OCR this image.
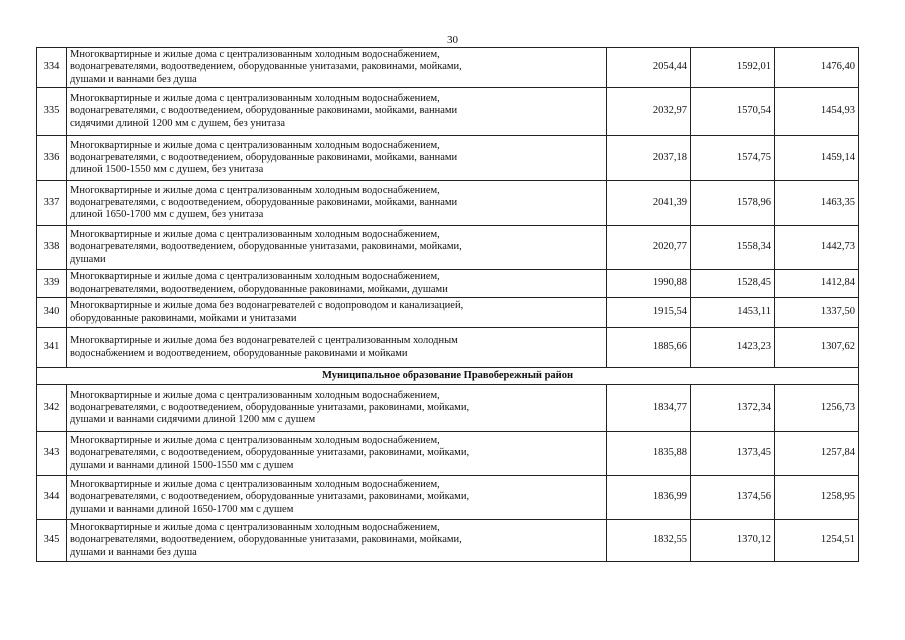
30
334	Многоквартирные и жилые дома с централизованным холодным водоснабжением,
водонагревателями, водоотведением, оборудованные унитазами, раковинами, мойками,
душами и ваннами без душа	2054,44	1592,01	1476,40
335	Многоквартирные и жилые дома с централизованным холодным водоснабжением,
водонагревателями, с водоотведением, оборудованные раковинами, мойками, ваннами
сидячими длиной 1200 мм с душем, без унитаза	2032,97	1570,54	1454,93
336	Многоквартирные и жилые дома с централизованным холодным водоснабжением,
водонагревателями, с водоотведением, оборудованные раковинами, мойками, ваннами
длиной 1500-1550 мм с душем, без унитаза	2037,18	1574,75	1459,14
337	Многоквартирные и жилые дома с централизованным холодным водоснабжением,
водонагревателями, с водоотведением, оборудованные раковинами, мойками, ваннами
длиной 1650-1700 мм с душем, без унитаза	2041,39	1578,96	1463,35
338	Многоквартирные и жилые дома с централизованным холодным водоснабжением,
водонагревателями, водоотведением, оборудованные унитазами, раковинами, мойками,
душами	2020,77	1558,34	1442,73
339	Многоквартирные и жилые дома с централизованным холодным водоснабжением,
водонагревателями, водоотведением, оборудованные раковинами, мойками, душами	1990,88	1528,45	1412,84
340	Многоквартирные и жилые дома без водонагревателей с водопроводом и канализацией,
оборудованные раковинами, мойками и унитазами	1915,54	1453,11	1337,50
341	Многоквартирные и жилые дома без водонагревателей с централизованным холодным
водоснабжением и водоотведением, оборудованные раковинами и мойками	1885,66	1423,23	1307,62
Муниципальное образование Правобережный район				
342	Многоквартирные и жилые дома с централизованным холодным водоснабжением,
водонагревателями, с водоотведением, оборудованные унитазами, раковинами, мойками,
душами и ваннами сидячими длиной 1200 мм с душем	1834,77	1372,34	1256,73
343	Многоквартирные и жилые дома с централизованным холодным водоснабжением,
водонагревателями, с водоотведением, оборудованные унитазами, раковинами, мойками,
душами и ваннами длиной 1500-1550 мм с душем	1835,88	1373,45	1257,84
344	Многоквартирные и жилые дома с централизованным холодным водоснабжением,
водонагревателями, с водоотведением, оборудованные унитазами, раковинами, мойками,
душами и ваннами длиной 1650-1700 мм с душем	1836,99	1374,56	1258,95
345	Многоквартирные и жилые дома с централизованным холодным водоснабжением,
водонагревателями, водоотведением, оборудованные унитазами, раковинами, мойками,
душами и ваннами без душа	1832,55	1370,12	1254,51
